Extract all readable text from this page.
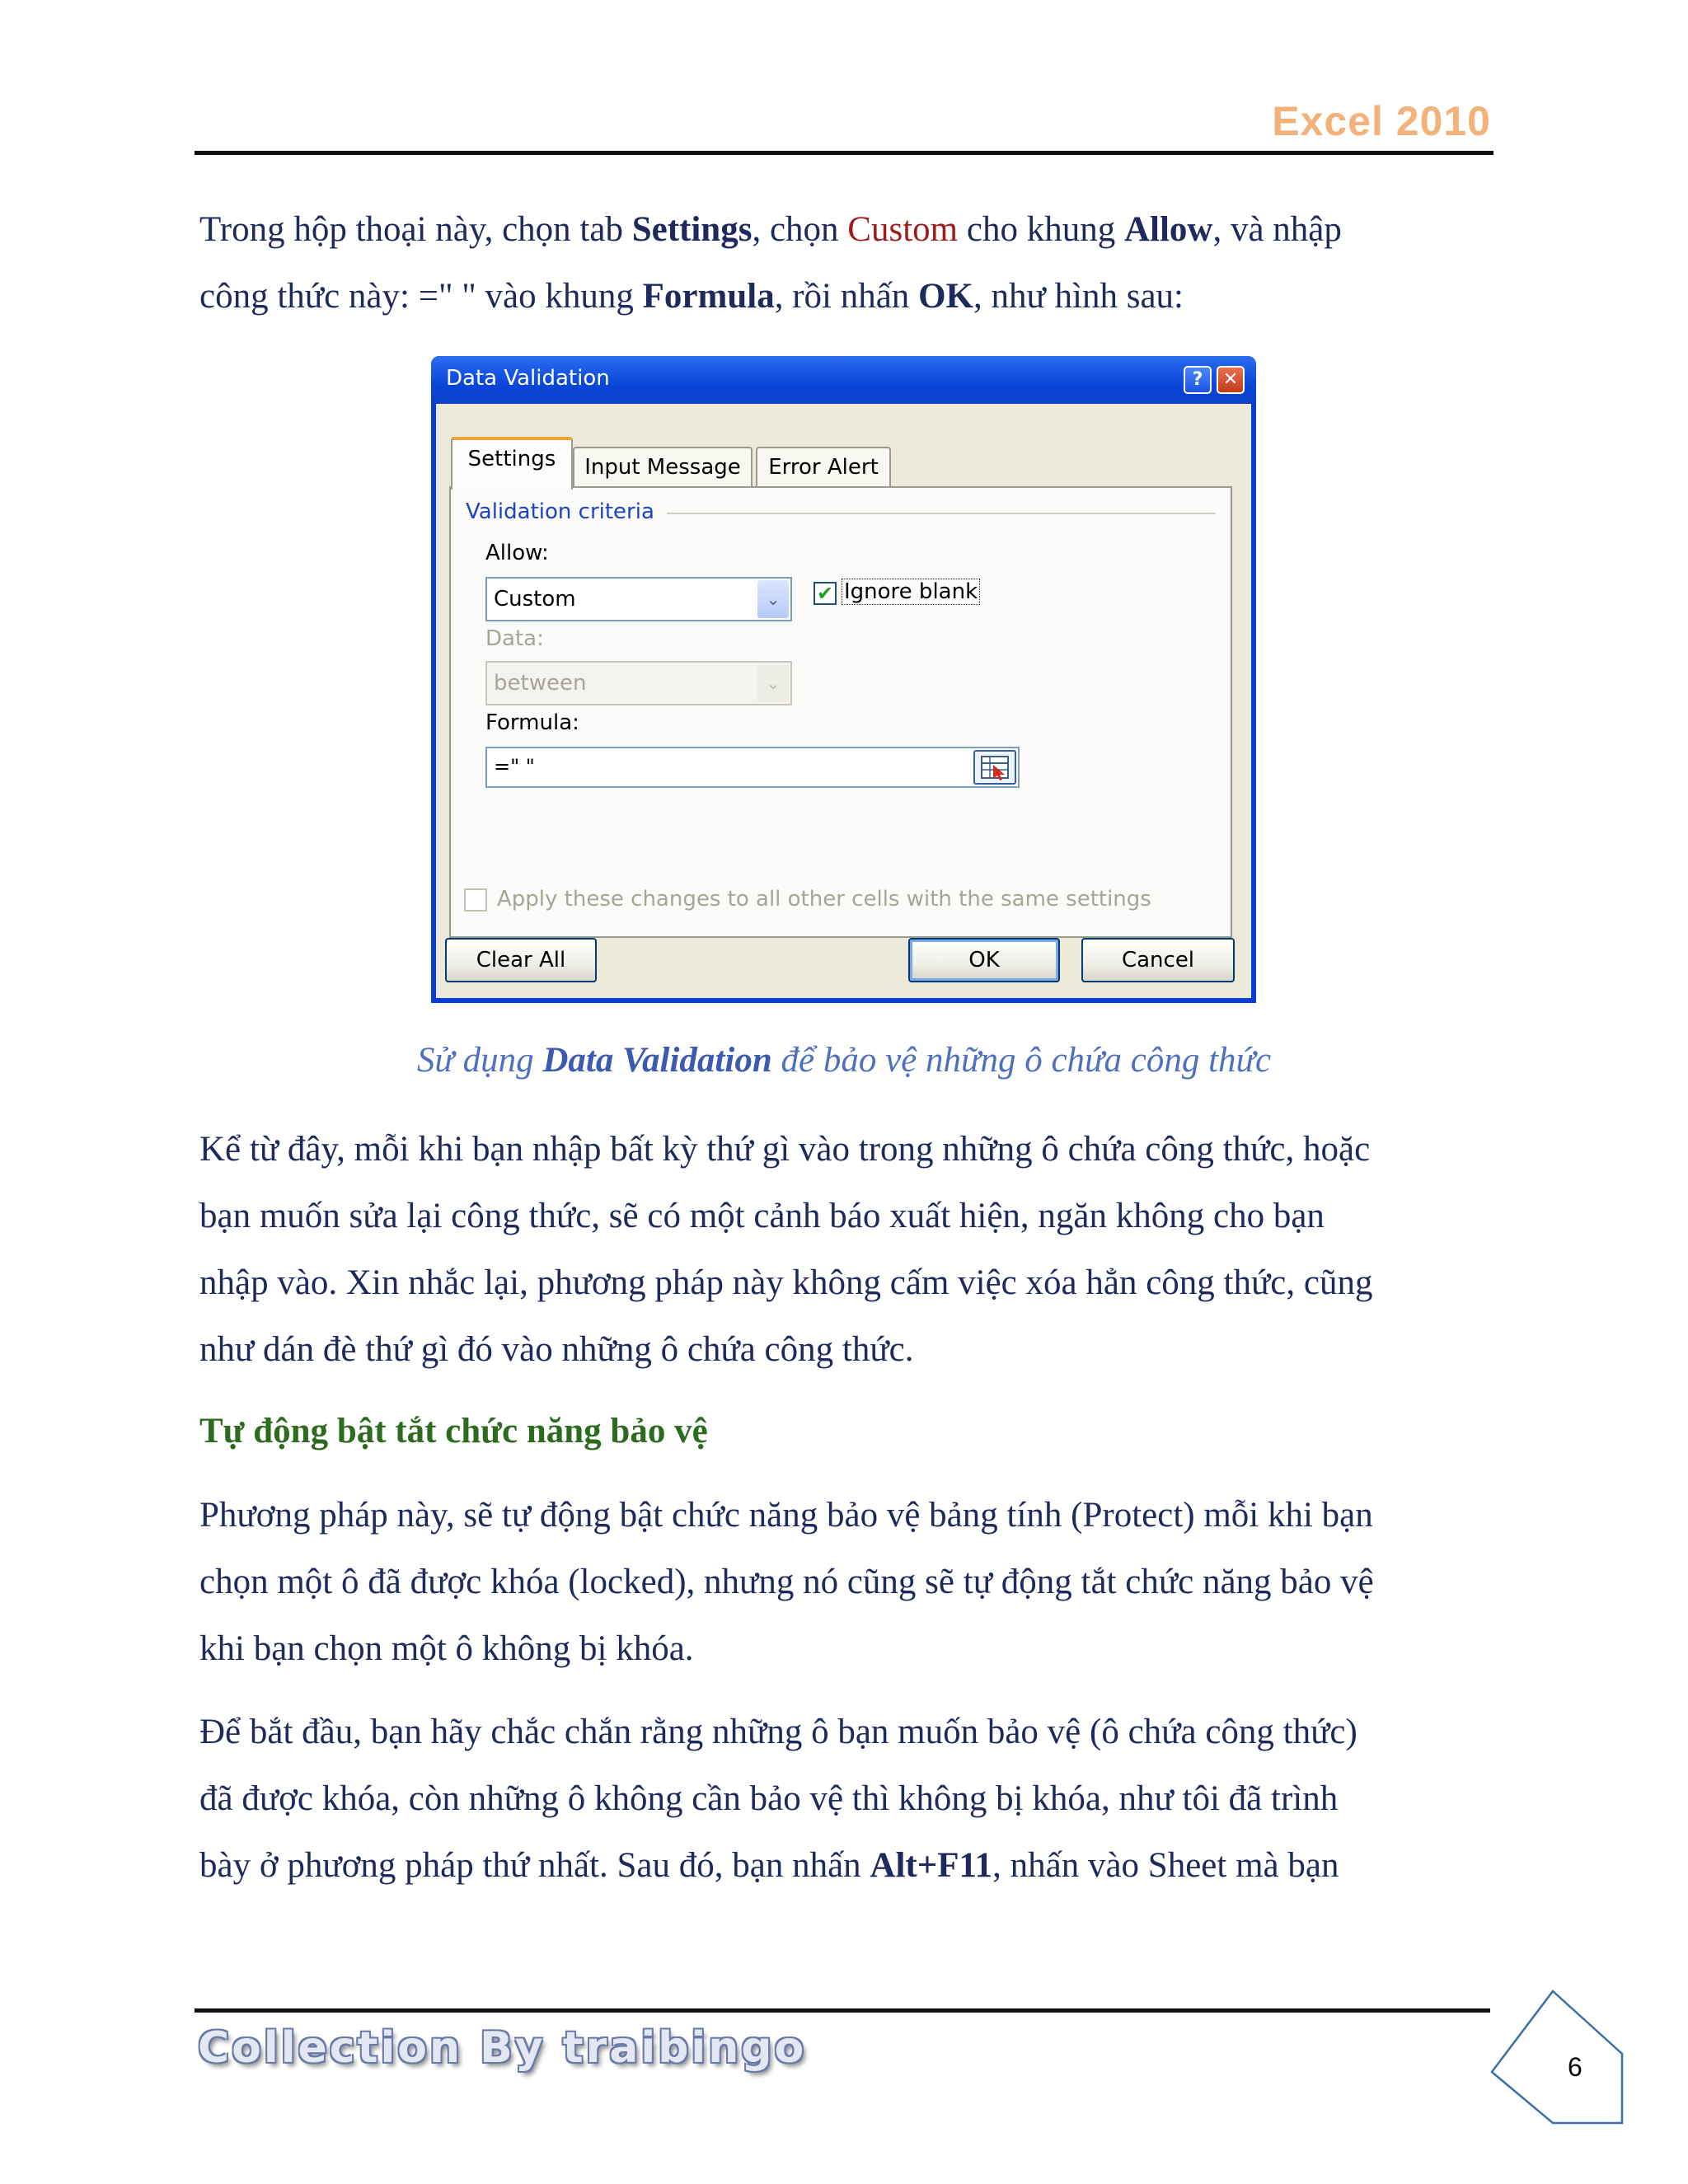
Excel 2010

Trong hộp thoại này, chọn tab Settings, chọn Custom cho khung Allow, và nhập
công thức này: =" " vào khung Formula, rồi nhấn OK, như hình sau:

Data Validation	?	✕
Settings	Input Message	Error Alert
Validation criteria
Allow:
Custom	⌄	✔ Ignore blank
Data:
between	⌄
Formula:
=" "
Apply these changes to all other cells with the same settings
Clear All	OK	Cancel
Sử dụng Data Validation để bảo vệ những ô chứa công thức

Kể từ đây, mỗi khi bạn nhập bất kỳ thứ gì vào trong những ô chứa công thức, hoặc
bạn muốn sửa lại công thức, sẽ có một cảnh báo xuất hiện, ngăn không cho bạn
nhập vào. Xin nhắc lại, phương pháp này không cấm việc xóa hẳn công thức, cũng
như dán đè thứ gì đó vào những ô chứa công thức.

Tự động bật tắt chức năng bảo vệ

Phương pháp này, sẽ tự động bật chức năng bảo vệ bảng tính (Protect) mỗi khi bạn
chọn một ô đã được khóa (locked), nhưng nó cũng sẽ tự động tắt chức năng bảo vệ
khi bạn chọn một ô không bị khóa.

Để bắt đầu, bạn hãy chắc chắn rằng những ô bạn muốn bảo vệ (ô chứa công thức)
đã được khóa, còn những ô không cần bảo vệ thì không bị khóa, như tôi đã trình
bày ở phương pháp thứ nhất. Sau đó, bạn nhấn Alt+F11, nhấn vào Sheet mà bạn

Collection By traibingo	6
